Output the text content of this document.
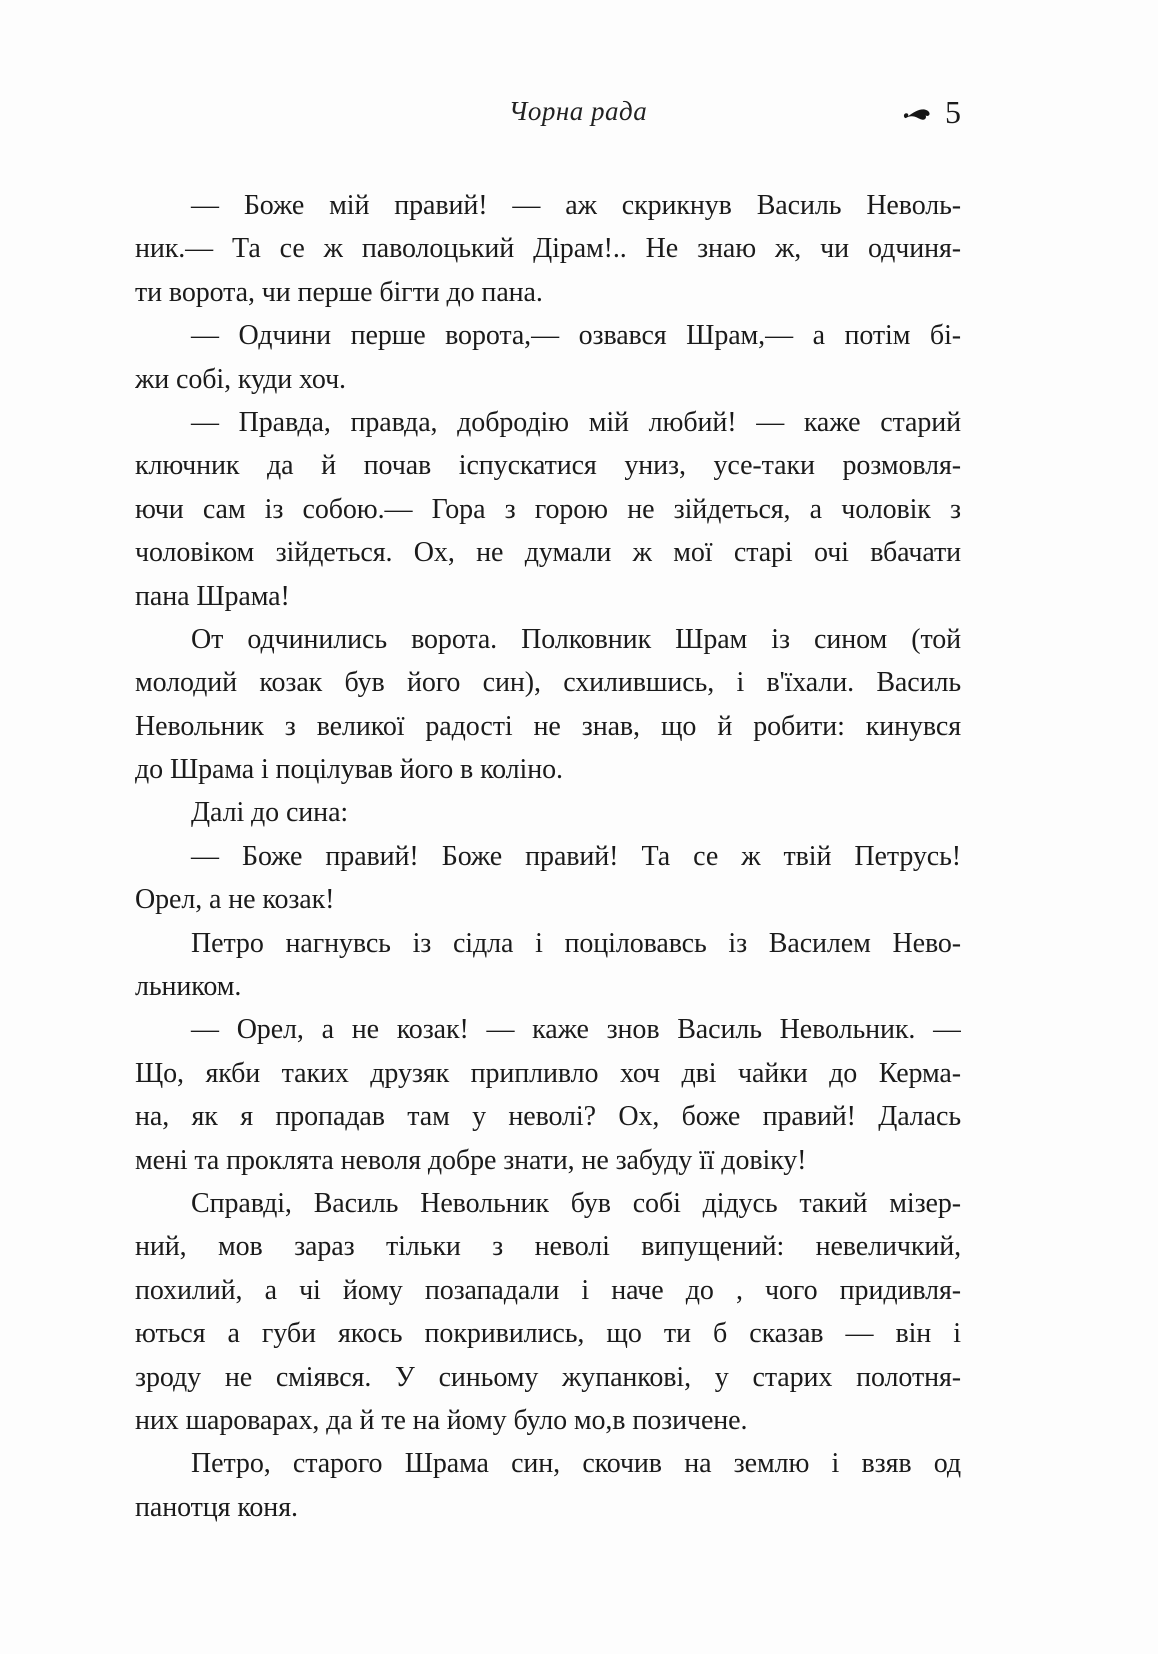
Чорна рада	5
— Боже мій правий! — аж скрикнув Василь Неволь-
ник.— Та се ж паволоцький Дірам!.. Не знаю ж, чи одчиня-
ти ворота, чи перше бігти до пана.
— Одчини перше ворота,— озвався Шрам,— а потім бі-
жи собі, куди хоч.
— Правда, правда, добродію мій любий! — каже старий
ключник да й почав іспускатися униз, усе-таки розмовля-
ючи сам із собою.— Гора з горою не зійдеться, а чоловік з
чоловіком зійдеться. Ох, не думали ж мої старі очі вбачати
пана Шрама!
От одчинились ворота. Полковник Шрам із сином (той
молодий козак був його син), схилившись, і в'їхали. Василь
Невольник з великої радості не знав, що й робити: кинувся
до Шрама і поцілував його в коліно.
Далі до сина:
— Боже правий! Боже правий! Та се ж твій Петрусь!
Орел, а не козак!
Петро нагнувсь із сідла і поціловавсь із Василем Нево-
льником.
— Орел, а не козак! — каже знов Василь Невольник. —
Що, якби таких друзяк припливло хоч дві чайки до Керма-
на, як я пропадав там у неволі? Ох, боже правий! Далась
мені та проклята неволя добре знати, не забуду її довіку!
Справді, Василь Невольник був собі дідусь такий мізер-
ний, мов зараз тільки з неволі випущений: невеличкий,
похилий, а чі йому позападали і наче до , чого придивля-
ються а губи якось покривились, що ти б сказав — він і
зроду не сміявся. У синьому жупанкові, у старих полотня-
них шароварах, да й те на йому було мо,в позичене.
Петро, старого Шрама син, скочив на землю і взяв од
панотця коня.
